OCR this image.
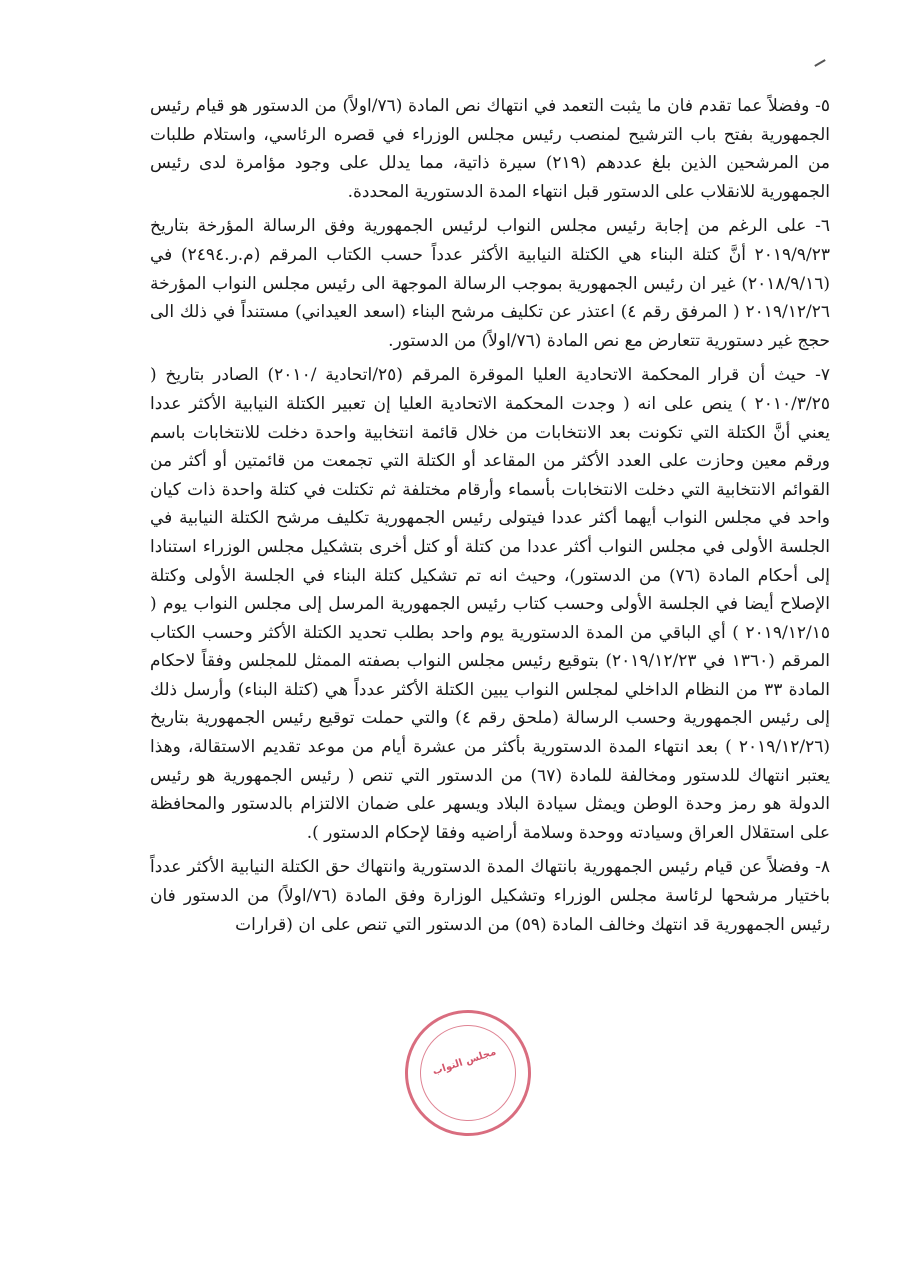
٥- وفضلاً عما تقدم فان ما يثبت التعمد في انتهاك نص المادة (٧٦/اولاً) من الدستور هو قيام رئيس الجمهورية بفتح باب الترشيح لمنصب رئيس مجلس الوزراء في قصره الرئاسي، واستلام طلبات من المرشحين الذين بلغ عددهم (٢١٩) سيرة ذاتية، مما يدلل على وجود مؤامرة لدى رئيس الجمهورية للانقلاب على الدستور قبل انتهاء المدة الدستورية المحددة.

٦- على الرغم من إجابة رئيس مجلس النواب لرئيس الجمهورية وفق الرسالة المؤرخة بتاريخ ٢٠١٩/٩/٢٣ أنَّ كتلة البناء هي الكتلة النيابية الأكثر عدداً حسب الكتاب المرقم (م.ر.٢٤٩٤) في (٢٠١٨/٩/١٦) غير ان رئيس الجمهورية بموجب الرسالة الموجهة الى رئيس مجلس النواب المؤرخة ٢٠١٩/١٢/٢٦ ( المرفق رقم ٤) اعتذر عن تكليف مرشح البناء (اسعد العيداني) مستنداً في ذلك الى حجج غير دستورية تتعارض مع نص المادة (٧٦/اولاً) من الدستور.

٧- حيث أن قرار المحكمة الاتحادية العليا الموقرة المرقم (٢٥/اتحادية /٢٠١٠) الصادر بتاريخ ( ٢٠١٠/٣/٢٥ ) ينص على انه ( وجدت المحكمة الاتحادية العليا إن تعبير الكتلة النيابية الأكثر عددا يعني أنَّ الكتلة التي تكونت بعد الانتخابات من خلال قائمة انتخابية واحدة دخلت للانتخابات باسم ورقم معين وحازت على العدد الأكثر من المقاعد أو الكتلة التي تجمعت من قائمتين أو أكثر من القوائم الانتخابية التي دخلت الانتخابات بأسماء وأرقام مختلفة ثم تكتلت في كتلة واحدة ذات كيان واحد في مجلس النواب أيهما أكثر عددا فيتولى رئيس الجمهورية تكليف مرشح الكتلة النيابية في الجلسة الأولى في مجلس النواب أكثر عددا من كتلة أو كتل أخرى بتشكيل مجلس الوزراء استنادا إلى أحكام المادة (٧٦) من الدستور)، وحيث انه تم تشكيل كتلة البناء في الجلسة الأولى وكتلة الإصلاح أيضا في الجلسة الأولى وحسب كتاب رئيس الجمهورية المرسل إلى مجلس النواب يوم ( ٢٠١٩/١٢/١٥ ) أي الباقي من المدة الدستورية يوم واحد بطلب تحديد الكتلة الأكثر وحسب الكتاب المرقم (١٣٦٠ في ٢٠١٩/١٢/٢٣) بتوقيع رئيس مجلس النواب بصفته الممثل للمجلس وفقاً لاحكام المادة ٣٣ من النظام الداخلي لمجلس النواب يبين الكتلة الأكثر عدداً هي (كتلة البناء) وأرسل ذلك إلى رئيس الجمهورية وحسب الرسالة (ملحق رقم ٤) والتي حملت توقيع رئيس الجمهورية بتاريخ (٢٠١٩/١٢/٢٦ ) بعد انتهاء المدة الدستورية بأكثر من عشرة أيام من موعد تقديم الاستقالة، وهذا يعتبر انتهاك للدستور ومخالفة للمادة (٦٧) من الدستور التي تنص ( رئيس الجمهورية هو رئيس الدولة هو رمز وحدة الوطن ويمثل سيادة البلاد ويسهر على ضمان الالتزام بالدستور والمحافظة على استقلال العراق وسيادته ووحدة وسلامة أراضيه وفقا لإحكام الدستور ).

٨- وفضلاً عن قيام رئيس الجمهورية بانتهاك المدة الدستورية وانتهاك حق الكتلة النيابية الأكثر عدداً باختيار مرشحها لرئاسة مجلس الوزراء وتشكيل الوزارة وفق المادة (٧٦/اولاً) من الدستور فان رئيس الجمهورية قد انتهك وخالف المادة (٥٩) من الدستور التي تنص على ان (قرارات

مجلس النواب
